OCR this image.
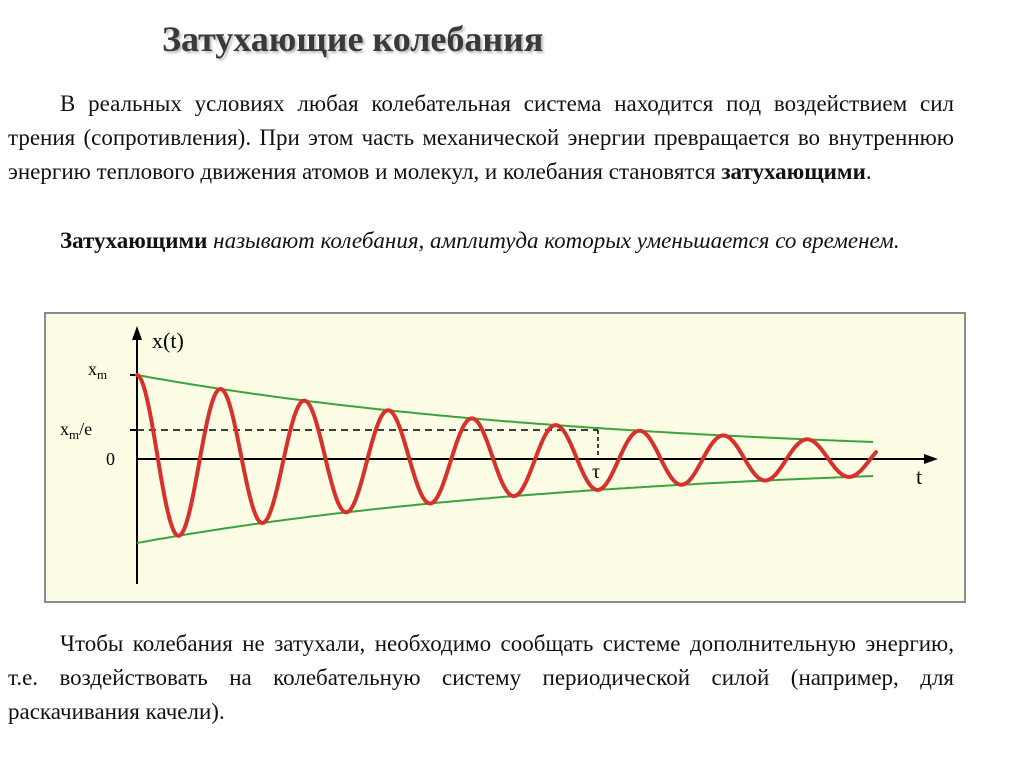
Затухающие колебания

В реальных условиях любая колебательная система находится под воздействием сил трения (сопротивления). При этом часть механической энергии превращается во внутреннюю энергию теплового движения атомов и молекул, и колебания становятся затухающими.

Затухающими называют колебания, амплитуда которых уменьшается со временем.

x(t)
t
$x_m$
$x_m/e$
0
τ

Чтобы колебания не затухали, необходимо сообщать системе дополнительную энергию, т.е. воздействовать на колебательную систему периодической силой (например, для раскачивания качели).
